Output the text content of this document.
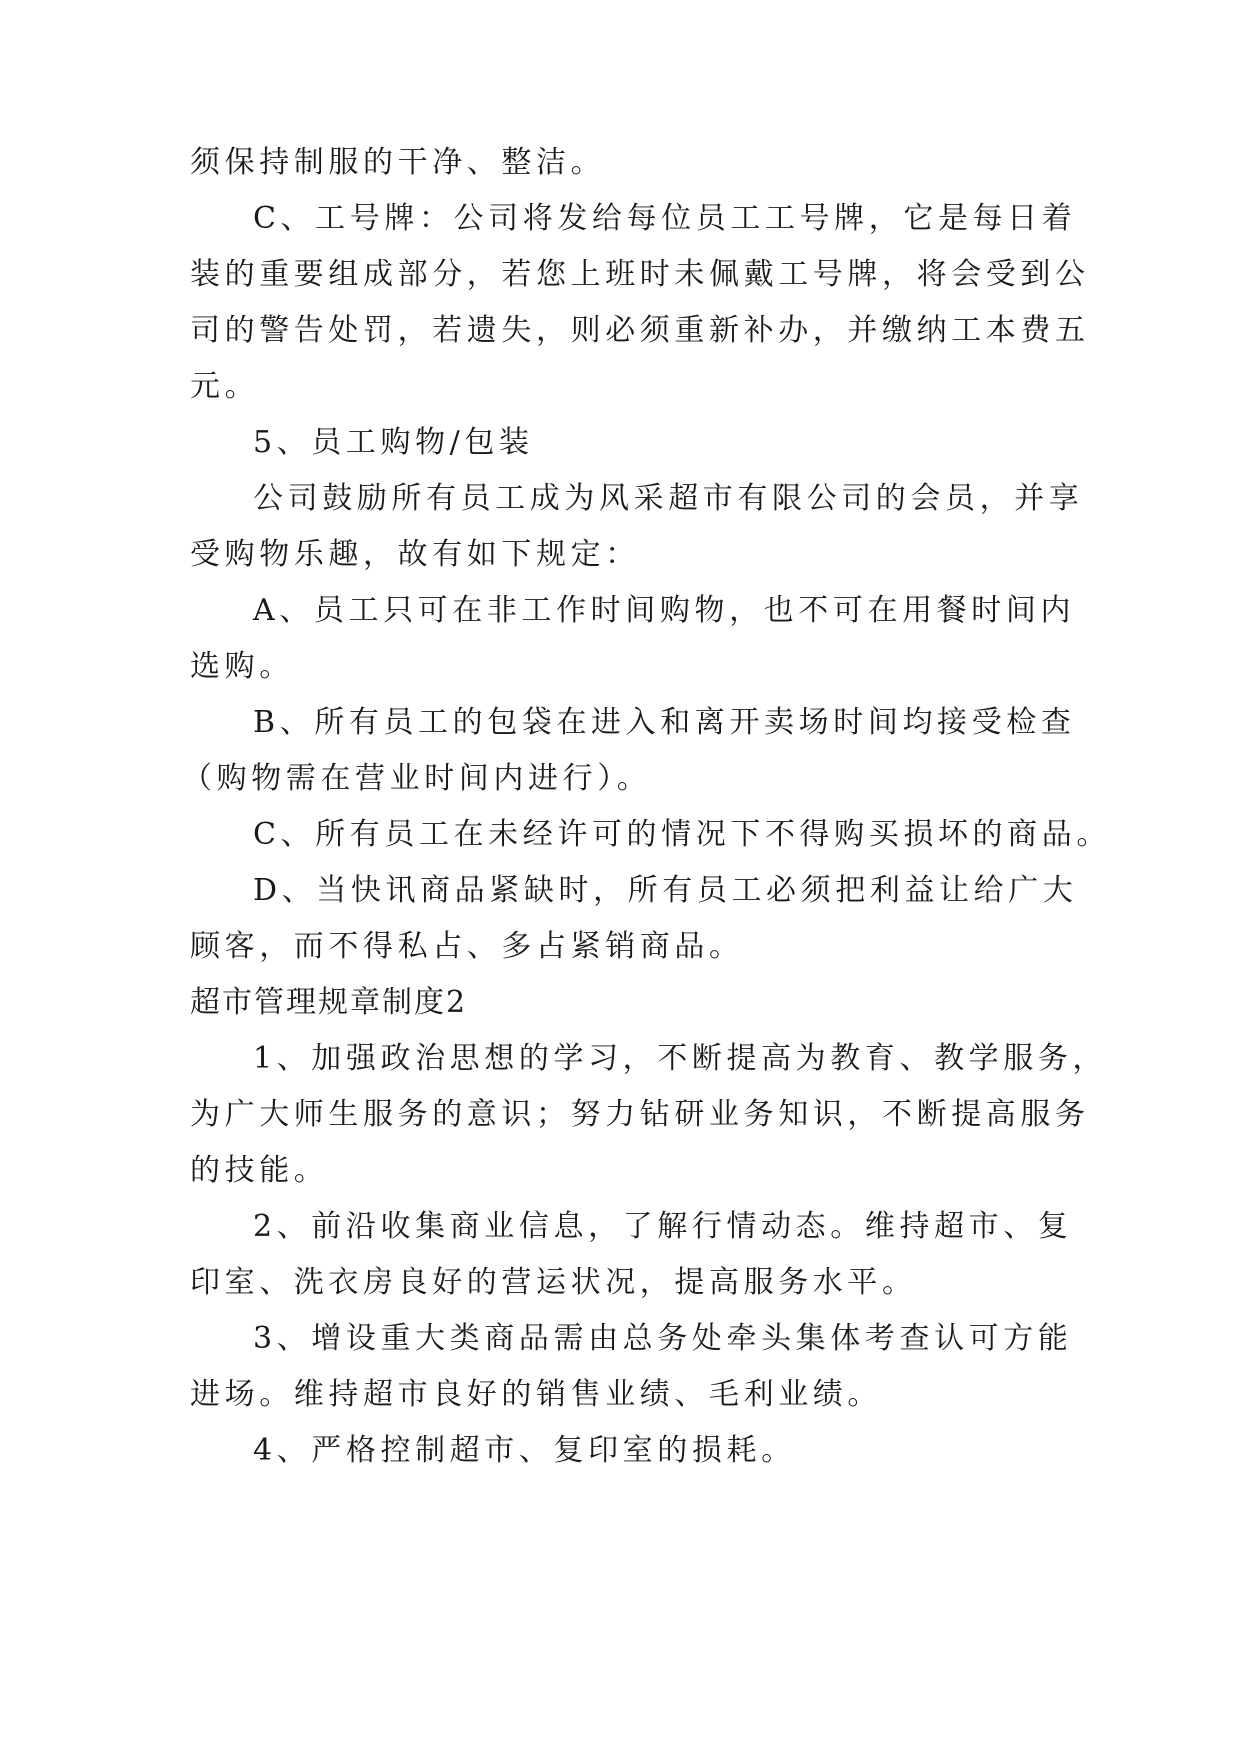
须保持制服的干净、整洁。
C、工号牌：公司将发给每位员工工号牌，它是每日着
装的重要组成部分，若您上班时未佩戴工号牌，将会受到公
司的警告处罚，若遗失，则必须重新补办，并缴纳工本费五
元。
5、员工购物/包装
公司鼓励所有员工成为风采超市有限公司的会员，并享
受购物乐趣，故有如下规定：
A、员工只可在非工作时间购物，也不可在用餐时间内
选购。
B、所有员工的包袋在进入和离开卖场时间均接受检查
（购物需在营业时间内进行）。
C、所有员工在未经许可的情况下不得购买损坏的商品。
D、当快讯商品紧缺时，所有员工必须把利益让给广大
顾客，而不得私占、多占紧销商品。
超市管理规章制度2
1、加强政治思想的学习，不断提高为教育、教学服务，
为广大师生服务的意识；努力钻研业务知识，不断提高服务
的技能。
2、前沿收集商业信息，了解行情动态。维持超市、复
印室、洗衣房良好的营运状况，提高服务水平。
3、增设重大类商品需由总务处牵头集体考查认可方能
进场。维持超市良好的销售业绩、毛利业绩。
4、严格控制超市、复印室的损耗。
